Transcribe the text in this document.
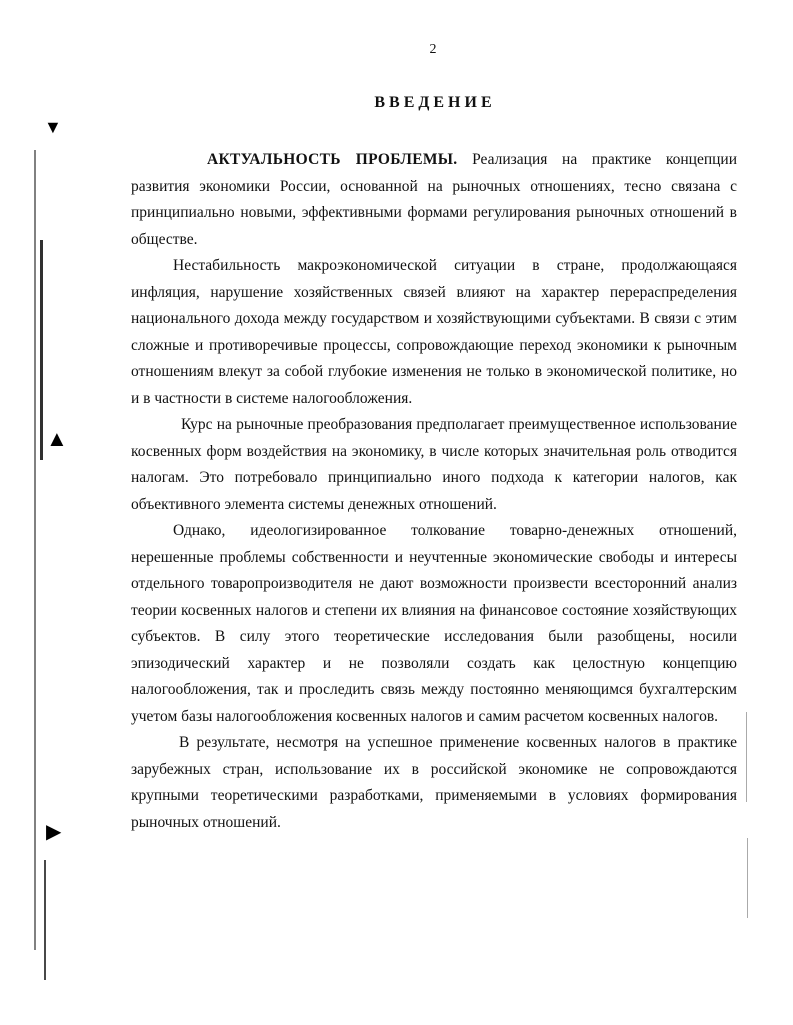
▼
▲
▶
2
ВВЕДЕНИЕ

АКТУАЛЬНОСТЬ ПРОБЛЕМЫ. Реализация на практике концепции развития экономики России, основанной на рыночных отношениях, тесно связана с принципиально новыми, эффективными формами регулирования рыночных отношений в обществе.

Нестабильность макроэкономической ситуации в стране, продолжающаяся инфляция, нарушение хозяйственных связей влияют на характер перераспределения национального дохода между государством и хозяйствующими субъектами. В связи с этим сложные и противоречивые процессы, сопровождающие переход экономики к рыночным отношениям влекут за собой глубокие изменения не только в экономической политике, но и в частности в системе налогообложения.

Курс на рыночные преобразования предполагает преимущественное использование косвенных форм воздействия на экономику, в числе которых значительная роль отводится налогам. Это потребовало принципиально иного подхода к категории налогов, как объективного элемента системы денежных отношений.

Однако, идеологизированное толкование товарно-денежных отношений, нерешенные проблемы собственности и неучтенные экономические свободы и интересы отдельного товаропроизводителя не дают возможности произвести всесторонний анализ теории косвенных налогов и степени их влияния на финансовое состояние хозяйствующих субъектов. В силу этого теоретические исследования были разобщены, носили эпизодический характер и не позволяли создать как целостную концепцию налогообложения, так и проследить связь между постоянно меняющимся бухгалтерским учетом базы налогообложения косвенных налогов и самим расчетом косвенных налогов.

В результате, несмотря на успешное применение косвенных налогов в практике зарубежных стран, использование их в российской экономике не сопровождаются крупными теоретическими разработками, применяемыми в условиях формирования рыночных отношений.
